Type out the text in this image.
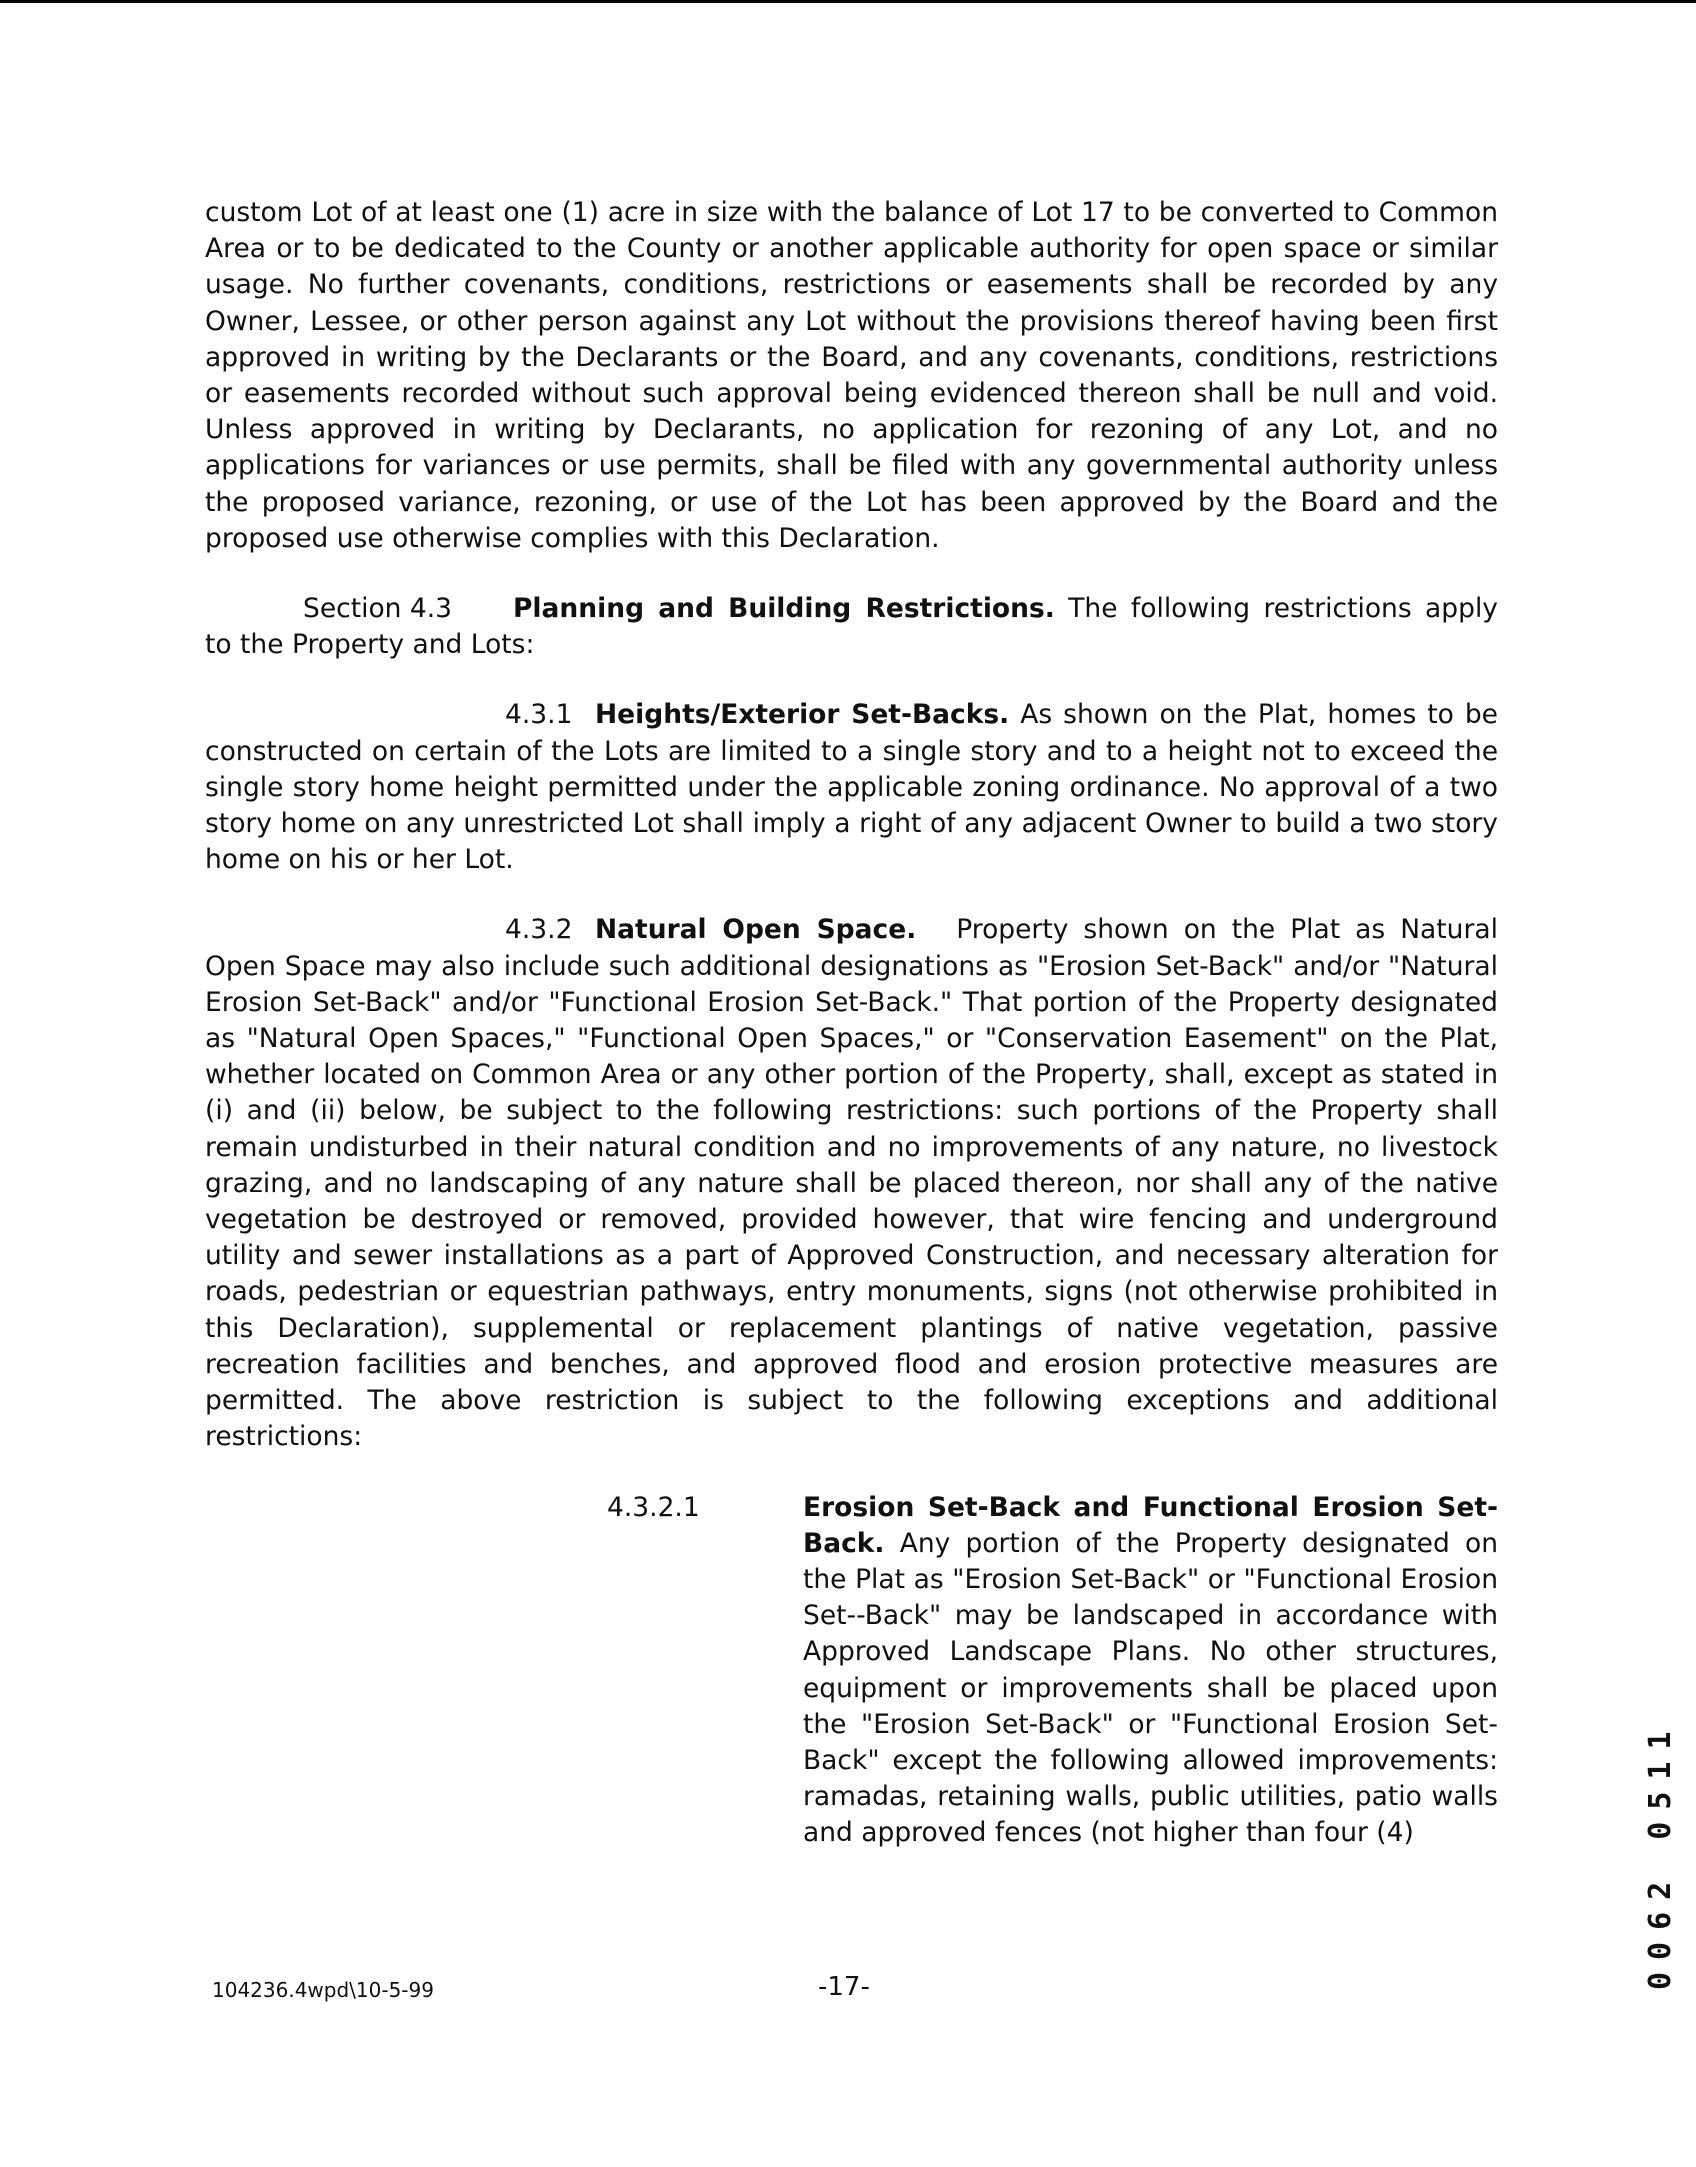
custom Lot of at least one (1) acre in size with the balance of Lot 17 to be converted to Common Area or to be dedicated to the County or another applicable authority for open space or similar usage. No further covenants, conditions, restrictions or easements shall be recorded by any Owner, Lessee, or other person against any Lot without the provisions thereof having been first approved in writing by the Declarants or the Board, and any covenants, conditions, restrictions or easements recorded without such approval being evidenced thereon shall be null and void. Unless approved in writing by Declarants, no application for rezoning of any Lot, and no applications for variances or use permits, shall be filed with any governmental authority unless the proposed variance, rezoning, or use of the Lot has been approved by the Board and the proposed use otherwise complies with this Declaration.

Section 4.3 Planning and Building Restrictions. The following restrictions apply to the Property and Lots:

4.3.1 Heights/Exterior Set-Backs. As shown on the Plat, homes to be constructed on certain of the Lots are limited to a single story and to a height not to exceed the single story home height permitted under the applicable zoning ordinance. No approval of a two story home on any unrestricted Lot shall imply a right of any adjacent Owner to build a two story home on his or her Lot.

4.3.2 Natural Open Space. Property shown on the Plat as Natural Open Space may also include such additional designations as "Erosion Set-Back" and/or "Natural Erosion Set-Back" and/or "Functional Erosion Set-Back." That portion of the Property designated as "Natural Open Spaces," "Functional Open Spaces," or "Conservation Easement" on the Plat, whether located on Common Area or any other portion of the Property, shall, except as stated in (i) and (ii) below, be subject to the following restrictions: such portions of the Property shall remain undisturbed in their natural condition and no improvements of any nature, no livestock grazing, and no landscaping of any nature shall be placed thereon, nor shall any of the native vegetation be destroyed or removed, provided however, that wire fencing and underground utility and sewer installations as a part of Approved Construction, and necessary alteration for roads, pedestrian or equestrian pathways, entry monuments, signs (not otherwise prohibited in this Declaration), supplemental or replacement plantings of native vegetation, passive recreation facilities and benches, and approved flood and erosion protective measures are permitted. The above restriction is subject to the following exceptions and additional restrictions:

4.3.2.1	Erosion Set-Back and Functional Erosion Set-Back. Any portion of the Property designated on the Plat as "Erosion Set-Back" or "Functional Erosion Set--Back" may be landscaped in accordance with Approved Landscape Plans. No other structures, equipment or improvements shall be placed upon the "Erosion Set-Back" or "Functional Erosion Set-Back" except the following allowed improvements: ramadas, retaining walls, public utilities, patio walls and approved fences (not higher than four (4)

104236.4wpd\10-5-99	-17-	0062 0511
